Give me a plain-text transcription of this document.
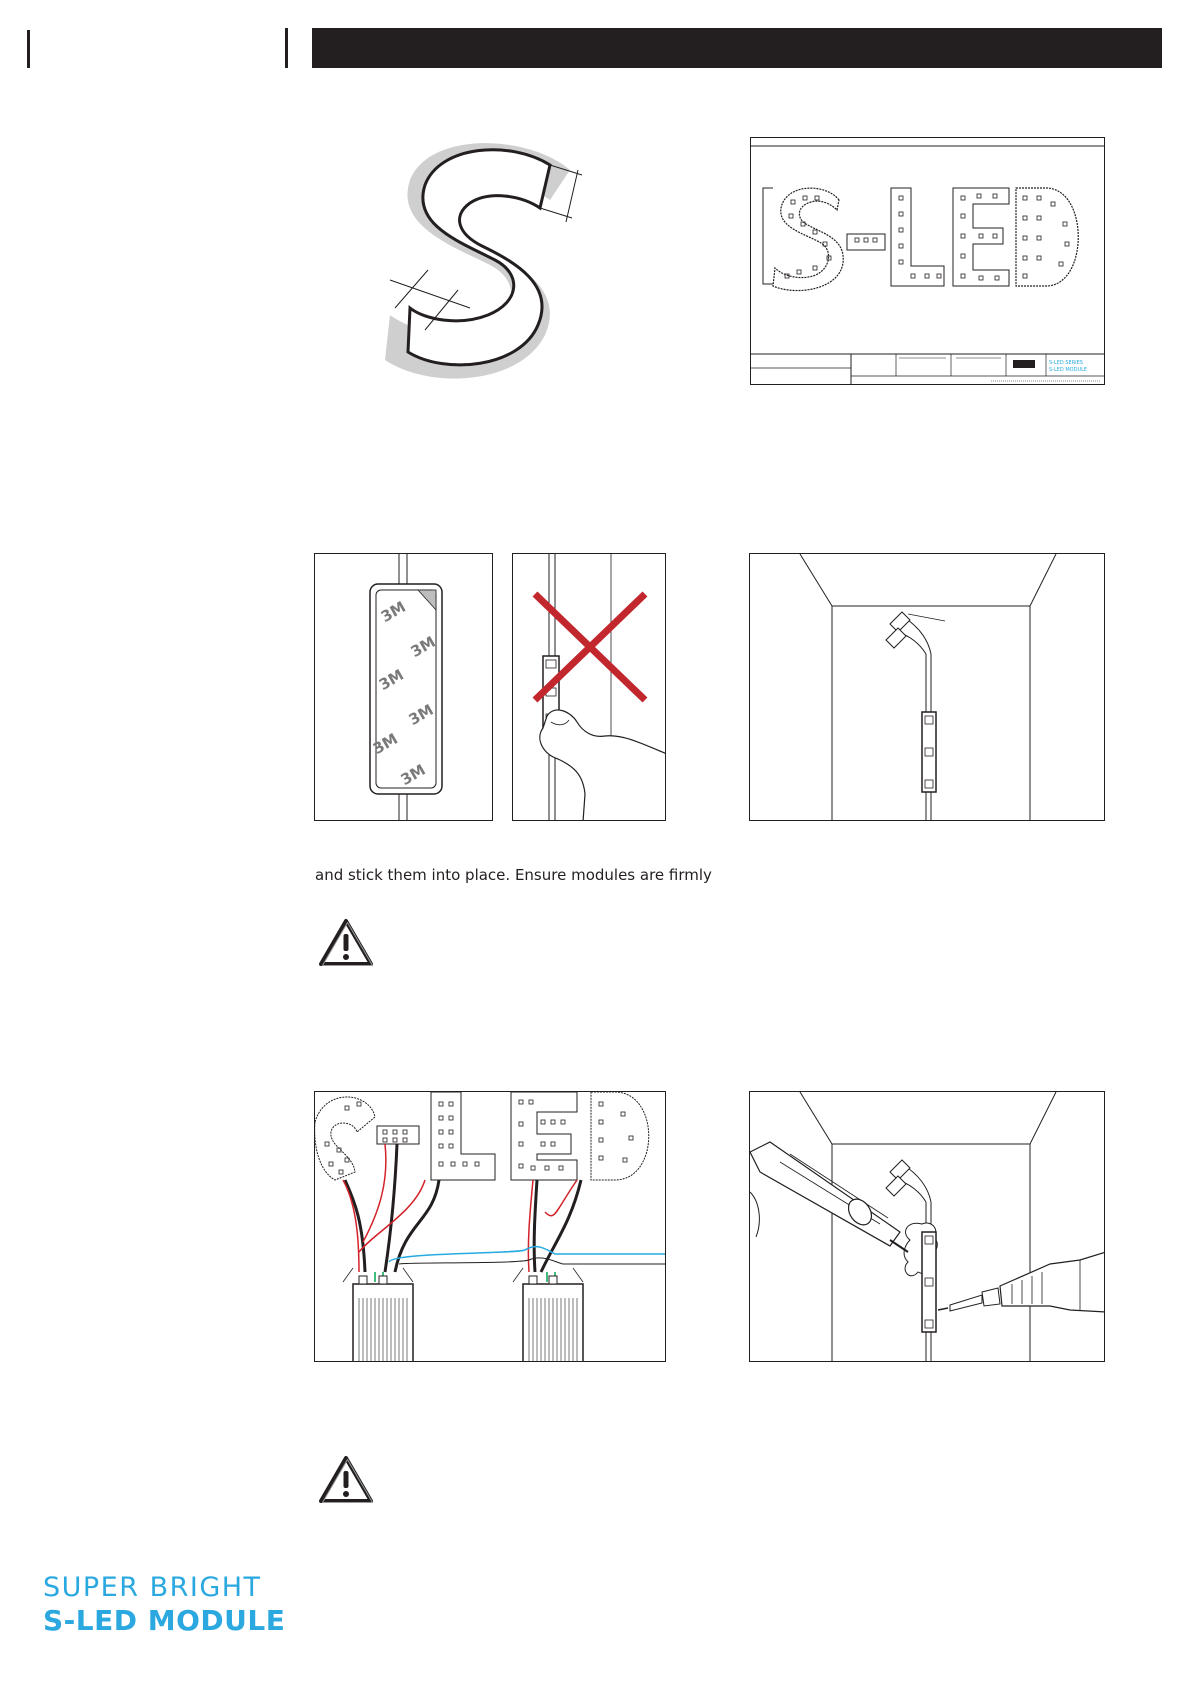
S-LED SERIES
S-LED MODULE
3M
3M
3M
3M
3M
3M
and stick them into place. Ensure modules are firmly
SUPER BRIGHT
S-LED MODULE
